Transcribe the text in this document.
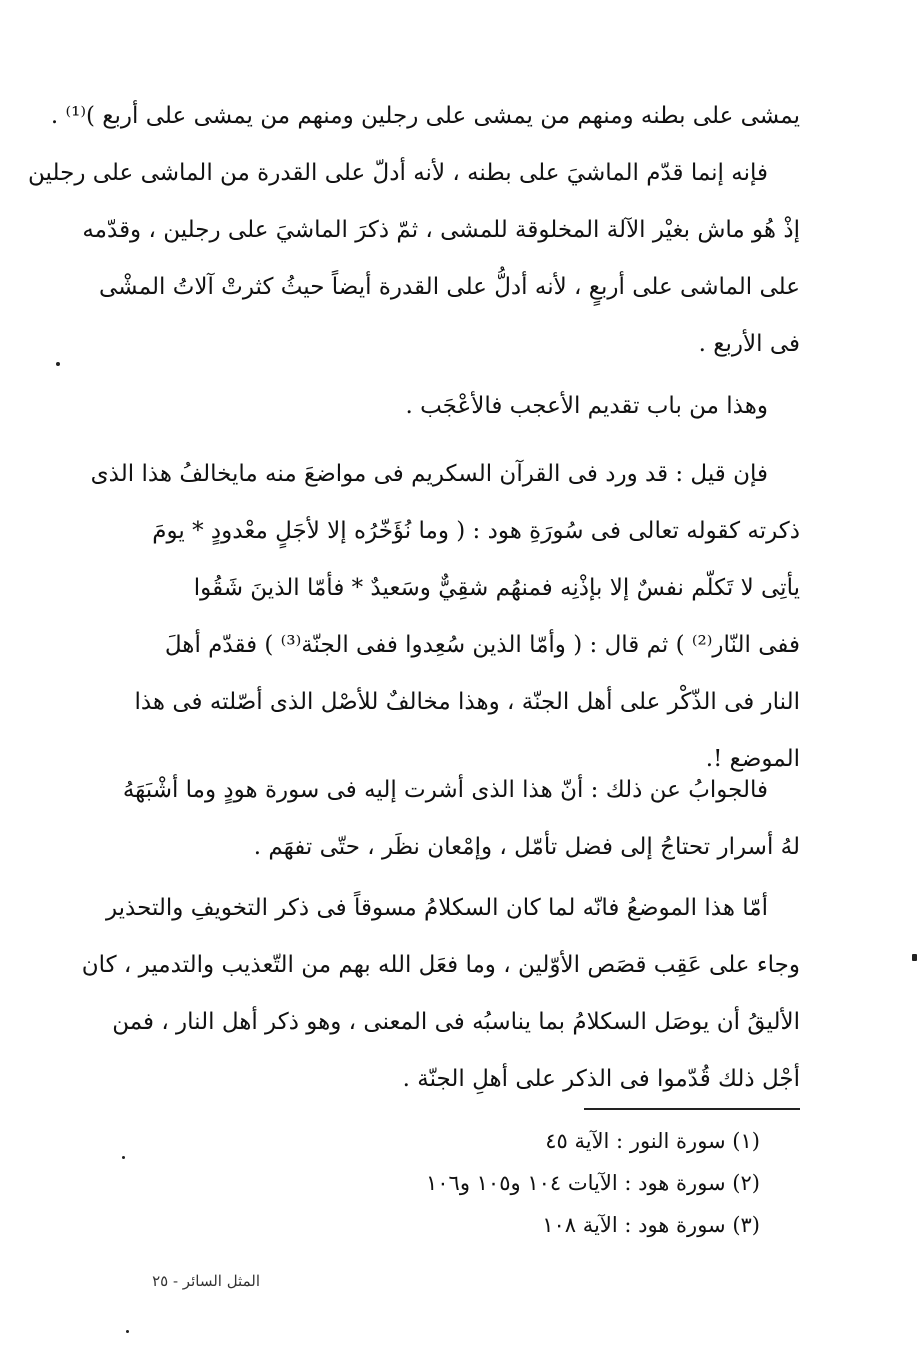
يمشى على بطنه ومنهم من يمشى على رجلين ومنهم من يمشى على أربع )⁽¹⁾ .
فإنه إنما قدّم الماشيَ على بطنه ، لأنه أدلّ على القدرة من الماشى على رجلين
إذْ هُو ماش بغيْر الآلة المخلوقة للمشى ، ثمّ ذكرَ الماشيَ على رجلين ، وقدّمه
على الماشى على أربعٍ ، لأنه أدلُّ على القدرة أيضاً حيثُ كثرتْ آلاتُ المشْى
فى الأربع .
وهذا من باب تقديم الأعجب فالأعْجَب .
فإن قيل : قد ورد فى القرآن السكريم فى مواضعَ منه مايخالفُ هذا الذى
ذكرته كقوله تعالى فى سُورَةِ هود : ( وما نُؤَخّرُه إلا لأجَلٍ معْدودٍ * يومَ
يأتِى لا تَكلّم نفسٌ إلا بإذْنِه فمنهُم شقِيٌّ وسَعيدٌ * فأمّا الذينَ شَقُوا
ففى النّار⁽²⁾ ) ثم قال : ( وأمّا الذين سُعِدوا ففى الجنّة⁽³⁾ ) فقدّم أهلَ
النار فى الذّكْر على أهل الجنّة ، وهذا مخالفٌ للأصْل الذى أصّلته فى هذا
الموضع !.
فالجوابُ عن ذلك : أنّ هذا الذى أشرت إليه فى سورة هودٍ وما أشْبَهَهُ
لهُ أسرار تحتاجُ إلى فضل تأمّل ، وإمْعان نظَر ، حتّى تفهَم .
أمّا هذا الموضعُ فانّه لما كان السكلامُ مسوقاً فى ذكر التخويفِ والتحذير
وجاء على عَقِب قصَص الأوّلين ، وما فعَل الله بهم من التّعذيب والتدمير ، كان
الأليقُ أن يوصَل السكلامُ بما يناسبُه فى المعنى ، وهو ذكر أهل النار ، فمن
أجْل ذلك قُدّموا فى الذكر على أهلِ الجنّة .
(١) سورة النور : الآية ٤٥
(٢) سورة هود : الآيات ١٠٤ و١٠٥ و١٠٦
(٣) سورة هود : الآية ١٠٨
المثل السائر - ٢٥
